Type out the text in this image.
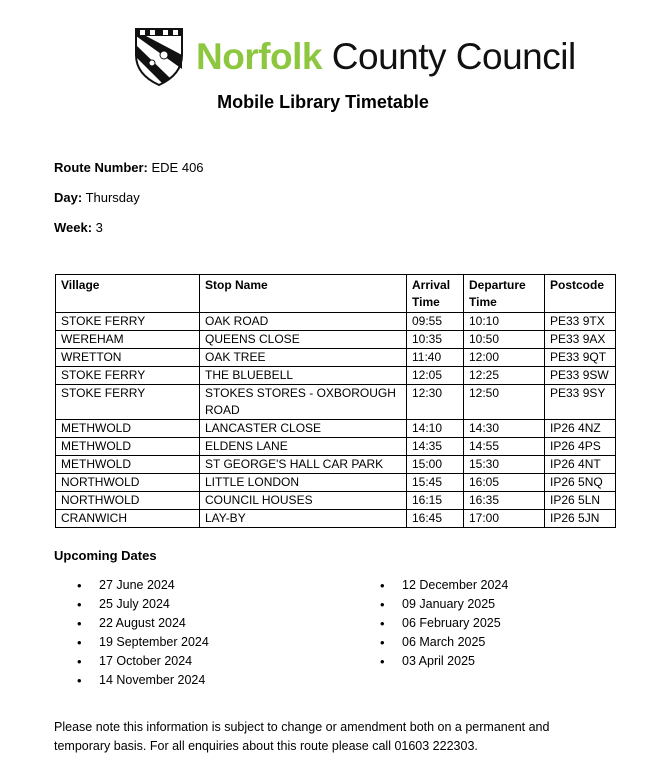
Norfolk County Council
Mobile Library Timetable
Route Number: EDE 406
Day: Thursday
Week: 3
Village	Stop Name	Arrival Time	Departure Time	Postcode
STOKE FERRY	OAK ROAD	09:55	10:10	PE33 9TX
WEREHAM	QUEENS CLOSE	10:35	10:50	PE33 9AX
WRETTON	OAK TREE	11:40	12:00	PE33 9QT
STOKE FERRY	THE BLUEBELL	12:05	12:25	PE33 9SW
STOKE FERRY	STOKES STORES - OXBOROUGH ROAD	12:30	12:50	PE33 9SY
METHWOLD	LANCASTER CLOSE	14:10	14:30	IP26 4NZ
METHWOLD	ELDENS LANE	14:35	14:55	IP26 4PS
METHWOLD	ST GEORGE'S HALL CAR PARK	15:00	15:30	IP26 4NT
NORTHWOLD	LITTLE LONDON	15:45	16:05	IP26 5NQ
NORTHWOLD	COUNCIL HOUSES	16:15	16:35	IP26 5LN
CRANWICH	LAY-BY	16:45	17:00	IP26 5JN
Upcoming Dates
• 27 June 2024
• 25 July 2024
• 22 August 2024
• 19 September 2024
• 17 October 2024
• 14 November 2024
• 12 December 2024
• 09 January 2025
• 06 February 2025
• 06 March 2025
• 03 April 2025
Please note this information is subject to change or amendment both on a permanent and temporary basis. For all enquiries about this route please call 01603 222303.
